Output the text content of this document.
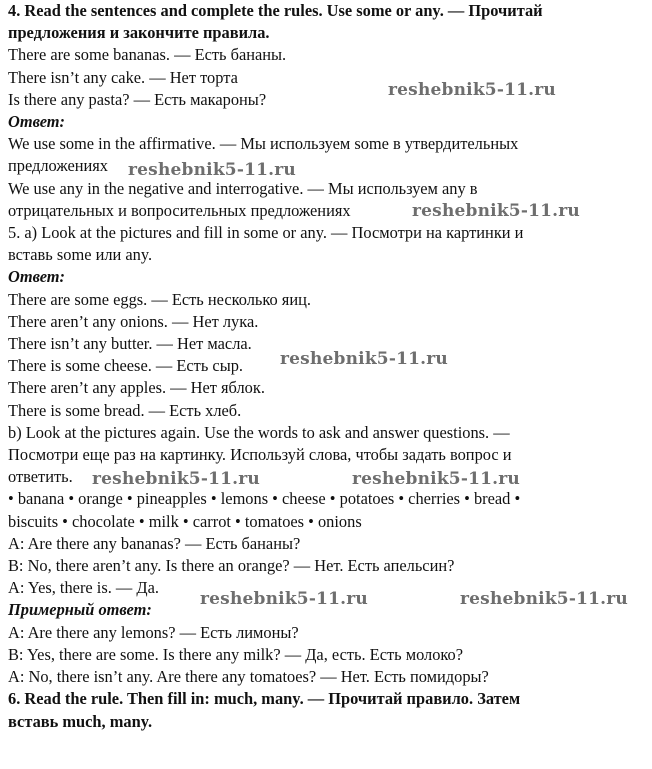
4. Read the sentences and complete the rules. Use some or any. — Прочитай
предложения и закончите правила.
There are some bananas. — Есть бананы.
There isn’t any cake. — Нет торта
Is there any pasta? — Есть макароны?
Ответ:
We use some in the affirmative. — Мы используем some в утвердительных
предложениях
We use any in the negative and interrogative. — Мы используем any в
отрицательных и вопросительных предложениях
5. а) Look at the pictures and fill in some or any. — Посмотри на картинки и
вставь some или any.
Ответ:
There are some eggs. — Есть несколько яиц.
There aren’t any onions. — Нет лука.
There isn’t any butter. — Нет масла.
There is some cheese. — Есть сыр.
There aren’t any apples. — Нет яблок.
There is some bread. — Есть хлеб.
b) Look at the pictures again. Use the words to ask and answer questions. —
Посмотри еще раз на картинку. Используй слова, чтобы задать вопрос и
ответить.
• banana • orange • pineapples • lemons • cheese • potatoes • cherries • bread •
biscuits • chocolate • milk • carrot • tomatoes • onions
A: Are there any bananas? — Есть бананы?
B: No, there aren’t any. Is there an orange? — Нет. Есть апельсин?
A: Yes, there is. — Да.
Примерный ответ:
A: Are there any lemons? — Есть лимоны?
B: Yes, there are some. Is there any milk? — Да, есть. Есть молоко?
A: No, there isn’t any. Are there any tomatoes? — Нет. Есть помидоры?
6. Read the rule. Then fill in: much, many. — Прочитай правило. Затем
вставь much, many.
reshebnik5-11.ru
reshebnik5-11.ru
reshebnik5-11.ru
reshebnik5-11.ru
reshebnik5-11.ru	reshebnik5-11.ru
reshebnik5-11.ru	reshebnik5-11.ru
